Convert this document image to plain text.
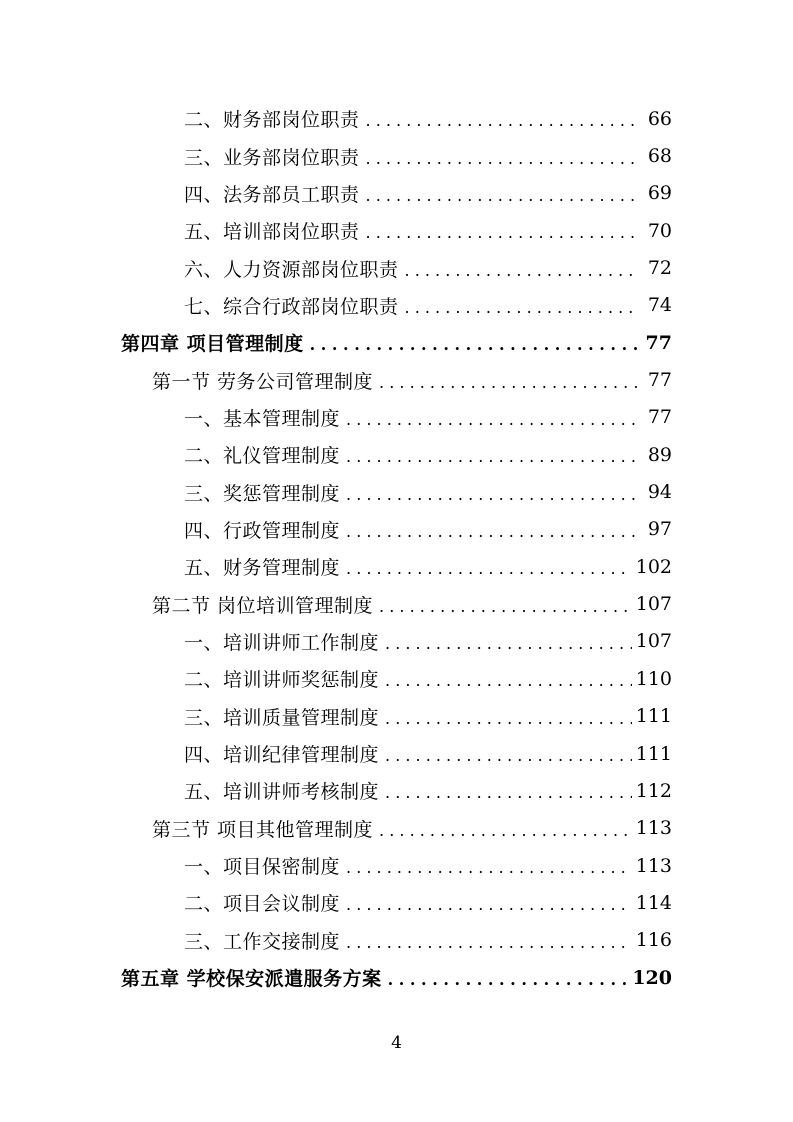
二、财务部岗位职责 . . .	66
三、业务部岗位职责 . . .	68
四、法务部员工职责 . . .	69
五、培训部岗位职责 . . .	70
六、人力资源部岗位职责 . . .	72
七、综合行政部岗位职责 . . .	74
第四章 项目管理制度 . . .	77
第一节 劳务公司管理制度 . . .	77
一、基本管理制度 . . .	77
二、礼仪管理制度 . . .	89
三、奖惩管理制度 . . .	94
四、行政管理制度 . . .	97
五、财务管理制度 . . .	102
第二节 岗位培训管理制度 . . .	107
一、培训讲师工作制度 . . .	107
二、培训讲师奖惩制度 . . .	110
三、培训质量管理制度 . . .	111
四、培训纪律管理制度 . . .	111
五、培训讲师考核制度 . . .	112
第三节 项目其他管理制度 . . .	113
一、项目保密制度 . . .	113
二、项目会议制度 . . .	114
三、工作交接制度 . . .	116
第五章 学校保安派遣服务方案 . . .	120
4
